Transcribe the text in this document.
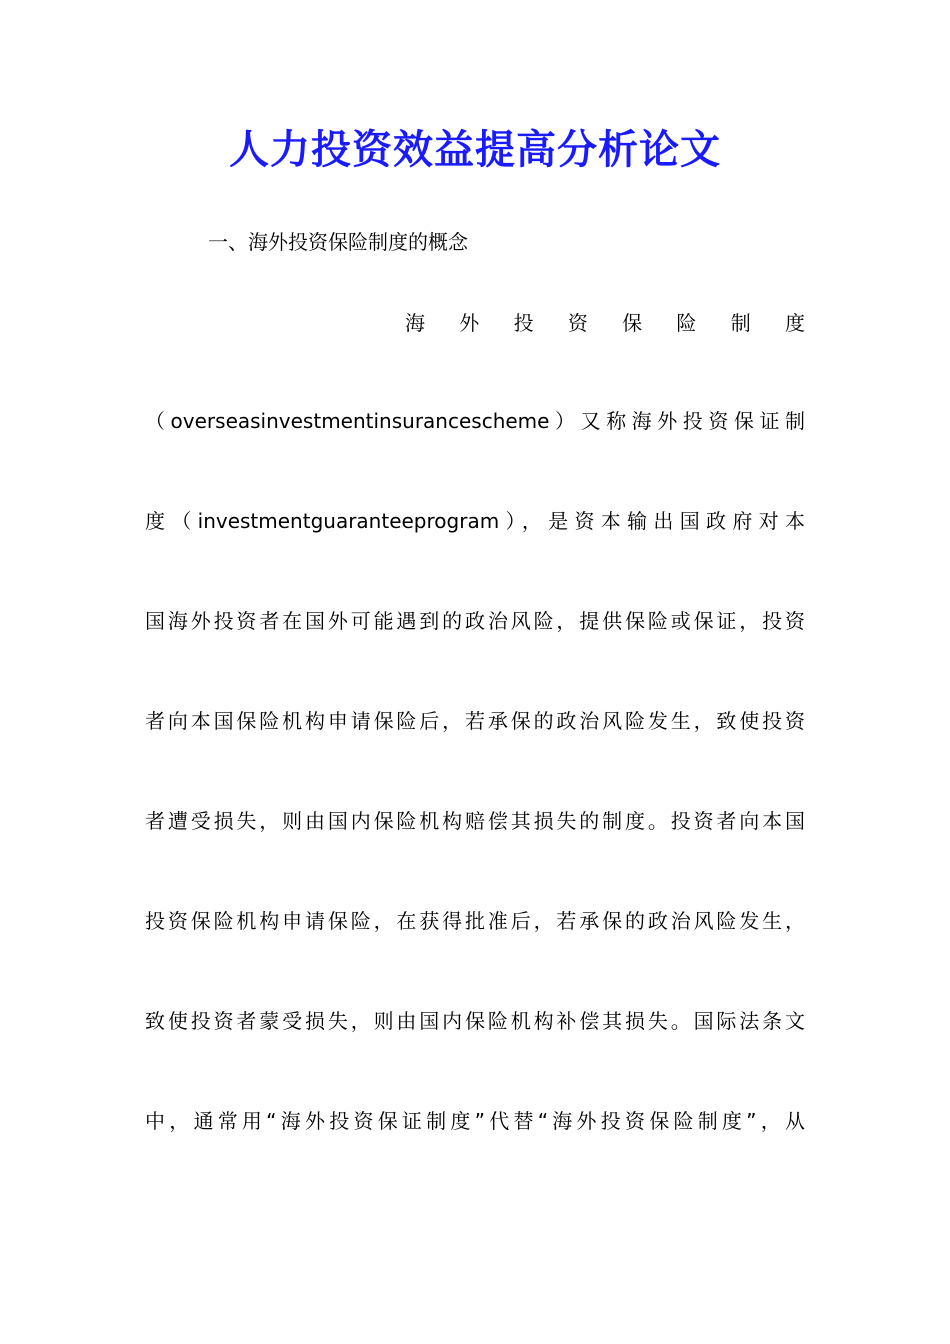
人力投资效益提高分析论文
一、海外投资保险制度的概念
海 外 投 资 保 险 制 度
（overseasinvestmentinsurancescheme）又称海外投资保证制
度（investmentguaranteeprogram），是资本输出国政府对本
国海外投资者在国外可能遇到的政治风险，提供保险或保证，投资
者向本国保险机构申请保险后，若承保的政治风险发生，致使投资
者遭受损失，则由国内保险机构赔偿其损失的制度。投资者向本国
投资保险机构申请保险，在获得批准后，若承保的政治风险发生，
致使投资者蒙受损失，则由国内保险机构补偿其损失。国际法条文
中，通常用“海外投资保证制度”代替“海外投资保险制度”，从
